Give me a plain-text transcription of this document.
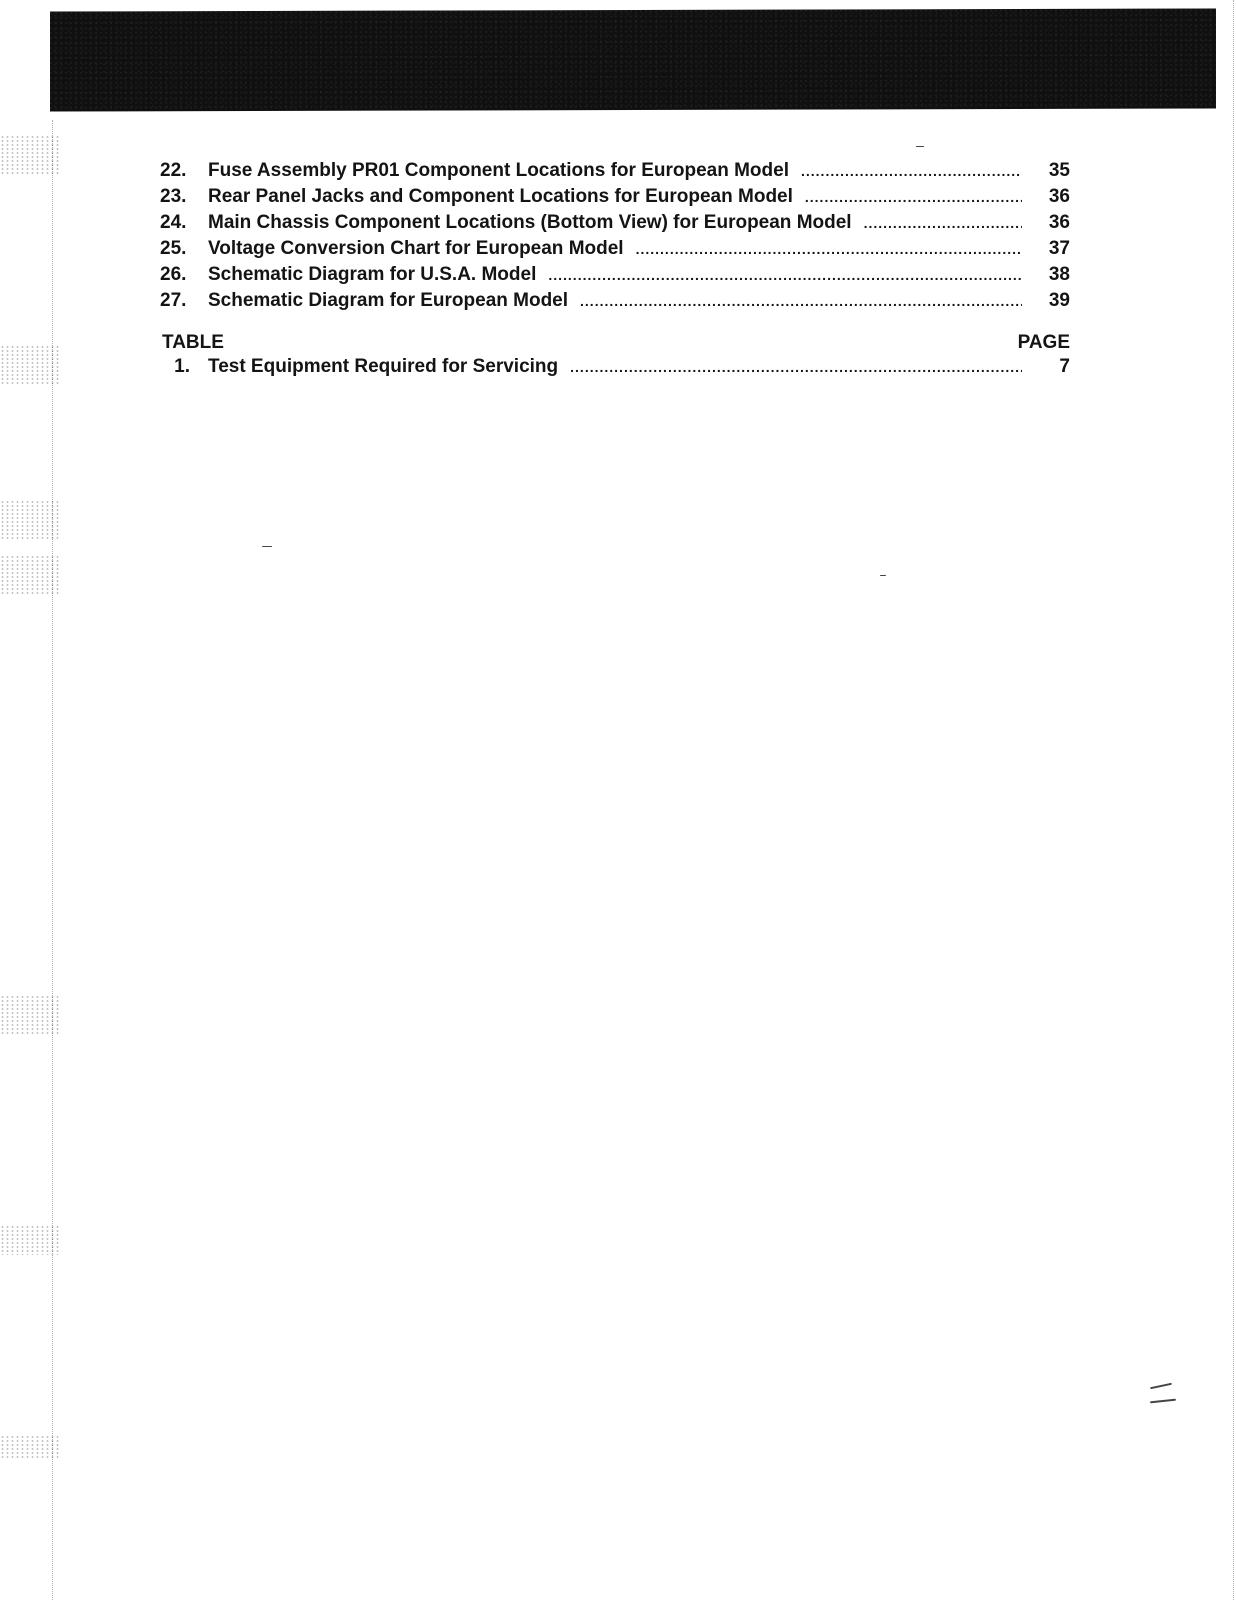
22.	Fuse Assembly PR01 Component Locations for European Model .....	35
23.	Rear Panel Jacks and Component Locations for European Model .....	36
24.	Main Chassis Component Locations (Bottom View) for European Model .....	36
25.	Voltage Conversion Chart for European Model .....	37
26.	Schematic Diagram for U.S.A. Model .....	38
27.	Schematic Diagram for European Model .....	39
TABLE	PAGE
1. Test Equipment Required for Servicing .....	7
